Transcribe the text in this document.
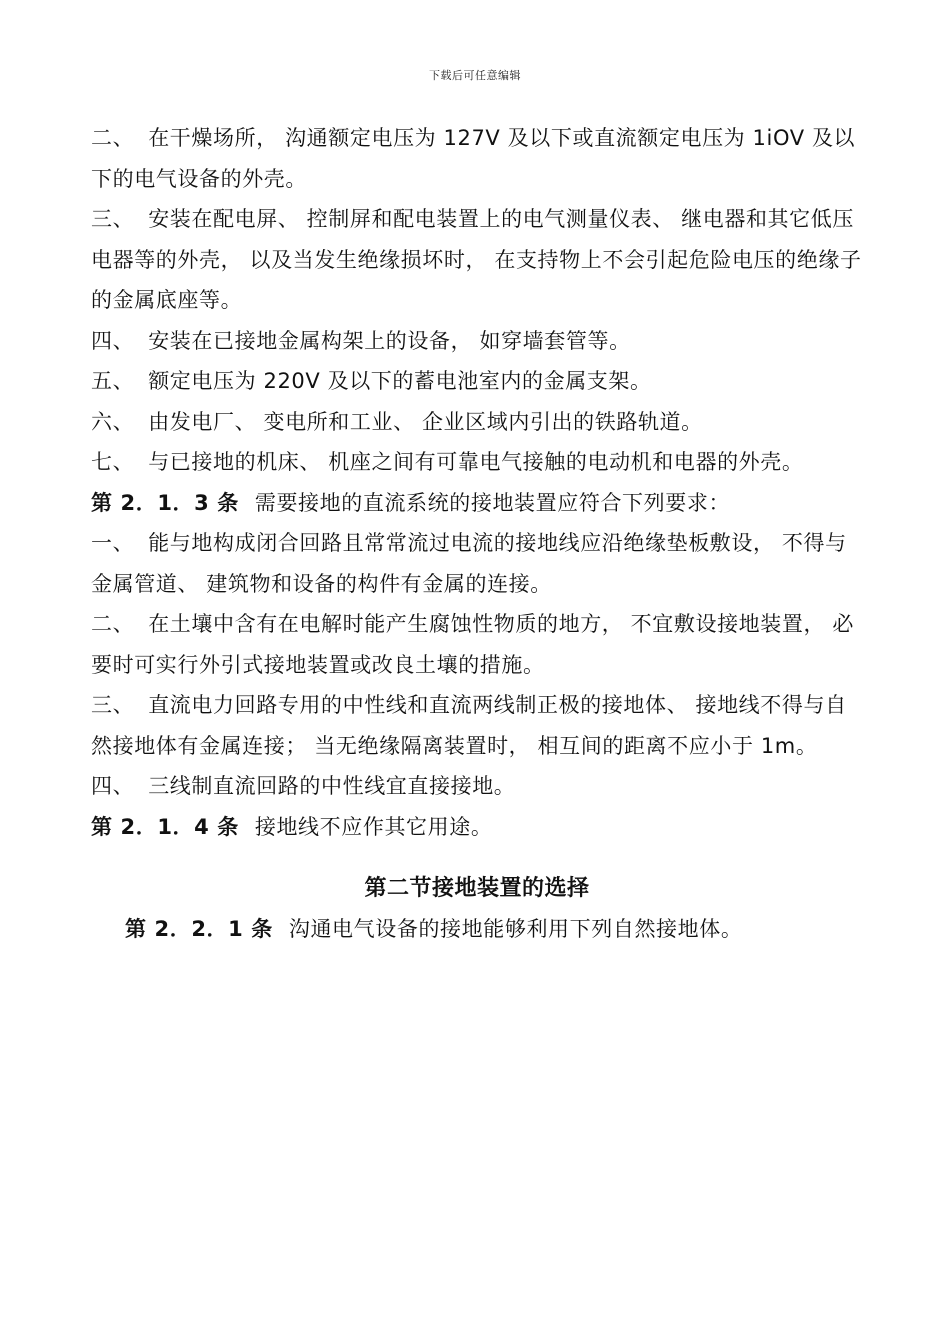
下载后可任意编辑

二、 在干燥场所， 沟通额定电压为 127V 及以下或直流额定电压为 1iOV 及以下的电气设备的外壳。

三、 安装在配电屏、 控制屏和配电装置上的电气测量仪表、 继电器和其它低压电器等的外壳， 以及当发生绝缘损坏时， 在支持物上不会引起危险电压的绝缘子的金属底座等。

四、 安装在已接地金属构架上的设备， 如穿墙套管等。

五、 额定电压为 220V 及以下的蓄电池室内的金属支架。

六、 由发电厂、 变电所和工业、 企业区域内引出的铁路轨道。

七、 与已接地的机床、 机座之间有可靠电气接触的电动机和电器的外壳。

第 2．1．3 条 需要接地的直流系统的接地装置应符合下列要求：

一、 能与地构成闭合回路且常常流过电流的接地线应沿绝缘垫板敷设， 不得与金属管道、 建筑物和设备的构件有金属的连接。

二、 在土壤中含有在电解时能产生腐蚀性物质的地方， 不宜敷设接地装置， 必要时可实行外引式接地装置或改良土壤的措施。

三、 直流电力回路专用的中性线和直流两线制正极的接地体、 接地线不得与自然接地体有金属连接； 当无绝缘隔离装置时， 相互间的距离不应小于 1m。

四、 三线制直流回路的中性线宜直接接地。

第 2．1．4 条 接地线不应作其它用途。

第二节接地装置的选择

第 2．2．1 条 沟通电气设备的接地能够利用下列自然接地体。
